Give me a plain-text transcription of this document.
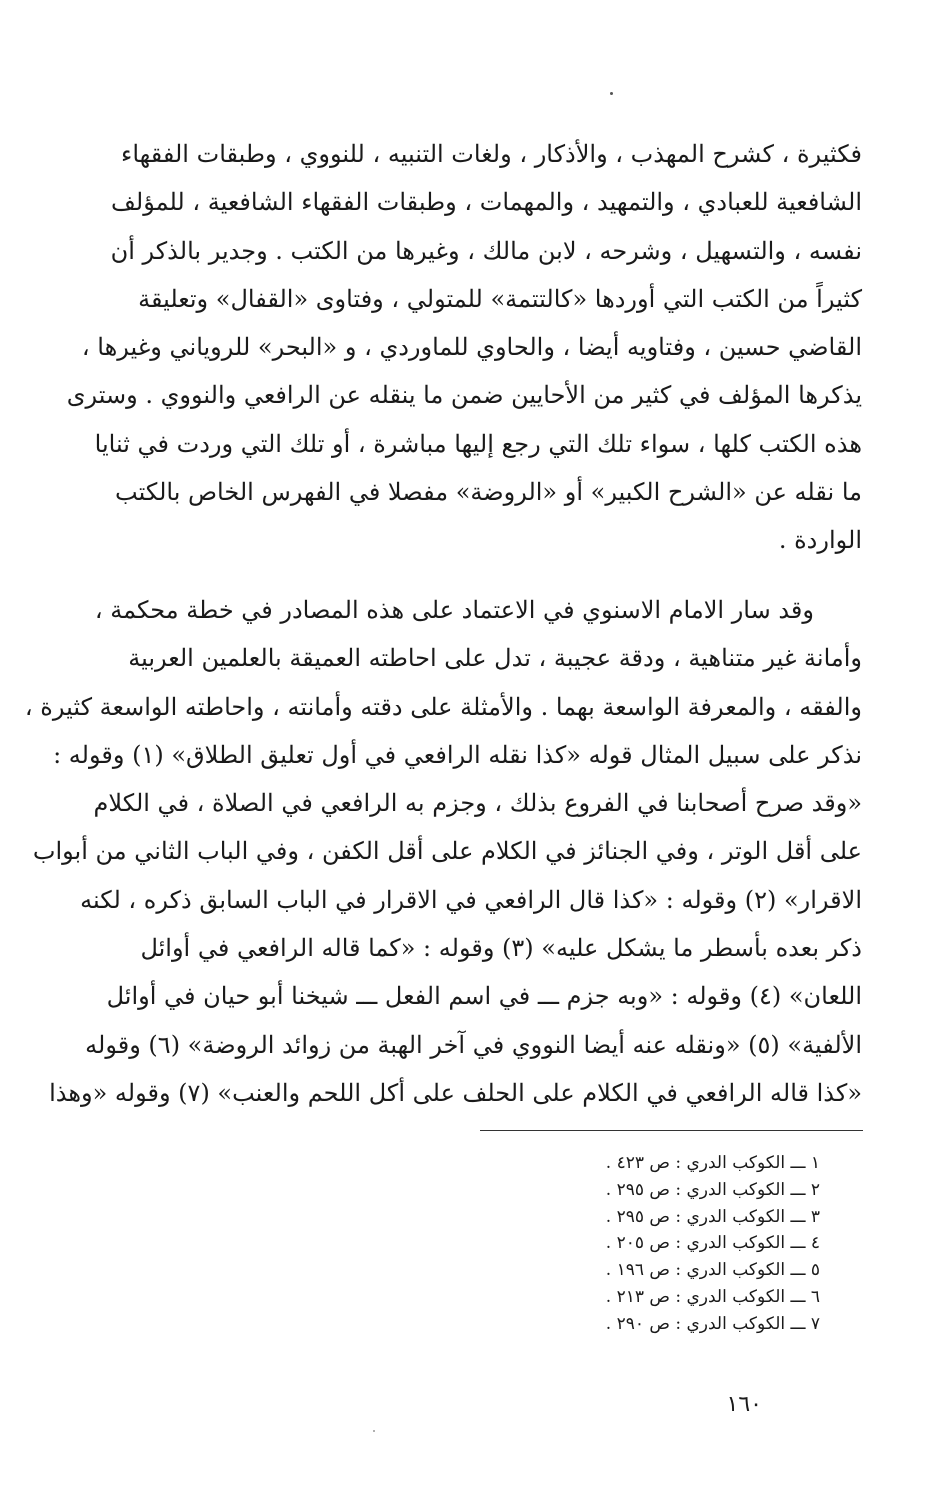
فكثيرة ، كشرح المهذب ، والأذكار ، ولغات التنبيه ، للنووي ، وطبقات الفقهاء
الشافعية للعبادي ، والتمهيد ، والمهمات ، وطبقات الفقهاء الشافعية ، للمؤلف
نفسه ، والتسهيل ، وشرحه ، لابن مالك ، وغيرها من الكتب . وجدير بالذكر أن
كثيراً من الكتب التي أوردها «كالتتمة» للمتولي ، وفتاوى «القفال» وتعليقة
القاضي حسين ، وفتاويه أيضا ، والحاوي للماوردي ، و «البحر» للروياني وغيرها ،
يذكرها المؤلف في كثير من الأحايين ضمن ما ينقله عن الرافعي والنووي . وسترى
هذه الكتب كلها ، سواء تلك التي رجع إليها مباشرة ، أو تلك التي وردت في ثنايا
ما نقله عن «الشرح الكبير» أو «الروضة» مفصلا في الفهرس الخاص بالكتب
الواردة .
وقد سار الامام الاسنوي في الاعتماد على هذه المصادر في خطة محكمة ،
وأمانة غير متناهية ، ودقة عجيبة ، تدل على احاطته العميقة بالعلمين العربية
والفقه ، والمعرفة الواسعة بهما . والأمثلة على دقته وأمانته ، واحاطته الواسعة كثيرة ،
نذكر على سبيل المثال قوله «كذا نقله الرافعي في أول تعليق الطلاق» (١) وقوله :
«وقد صرح أصحابنا في الفروع بذلك ، وجزم به الرافعي في الصلاة ، في الكلام
على أقل الوتر ، وفي الجنائز في الكلام على أقل الكفن ، وفي الباب الثاني من أبواب
الاقرار» (٢) وقوله : «كذا قال الرافعي في الاقرار في الباب السابق ذكره ، لكنه
ذكر بعده بأسطر ما يشكل عليه» (٣) وقوله : «كما قاله الرافعي في أوائل
اللعان» (٤) وقوله : «وبه جزم ـــ في اسم الفعل ـــ شيخنا أبو حيان في أوائل
الألفية» (٥) «ونقله عنه أيضا النووي في آخر الهبة من زوائد الروضة» (٦) وقوله
«كذا قاله الرافعي في الكلام على الحلف على أكل اللحم والعنب» (٧) وقوله «وهذا
١ ـــ الكوكب الدري : ص ٤٢٣ .
٢ ـــ الكوكب الدري : ص ٢٩٥ .
٣ ـــ الكوكب الدري : ص ٢٩٥ .
٤ ـــ الكوكب الدري : ص ٢٠٥ .
٥ ـــ الكوكب الدري : ص ١٩٦ .
٦ ـــ الكوكب الدري : ص ٢١٣ .
٧ ـــ الكوكب الدري : ص ٢٩٠ .
١٦٠
